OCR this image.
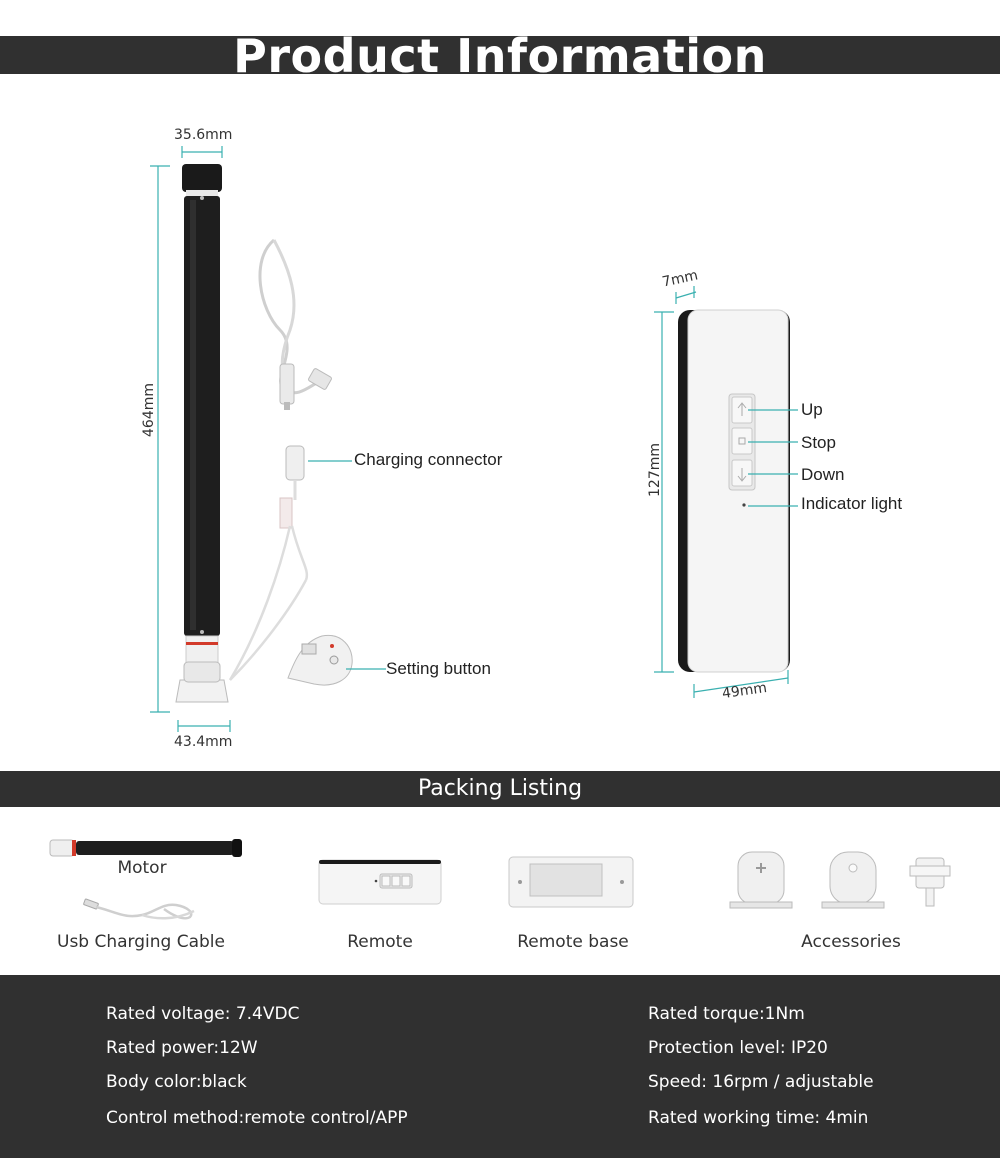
Product Information
35.6mm
464mm
43.4mm
Charging connector
Setting button
7mm
127mm
49mm
Up
Stop
Down
Indicator light
Packing Listing
Motor
Usb Charging Cable	Remote	Remote base	Accessories
Rated voltage: 7.4VDC
Rated power:12W
Body color:black
Control method:remote control/APP
Rated torque:1Nm
Protection level: IP20
Speed: 16rpm / adjustable
Rated working time: 4min
